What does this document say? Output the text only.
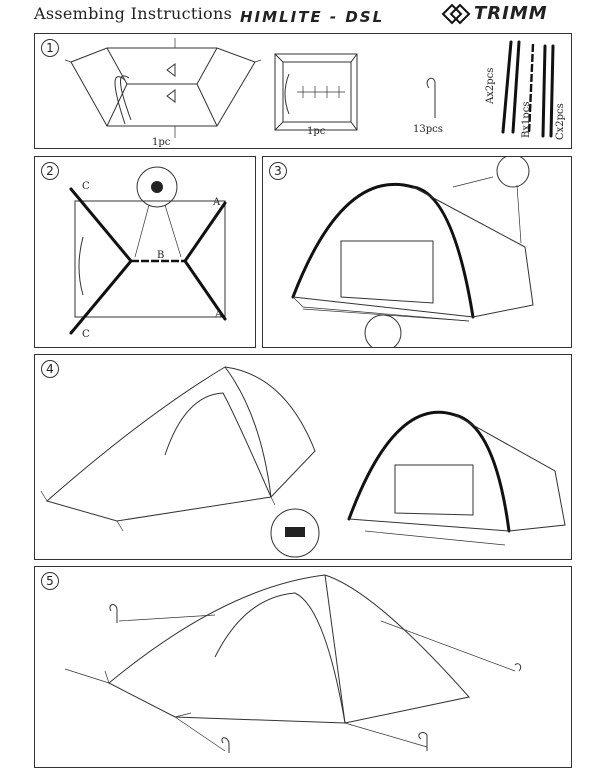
Assembing Instructions HIMLITE - DSL	TRIMM
1
1pc
1pc	13pcs
Ax2pcs
Bx1pcs Cx2pcs
2
C
A
B
C
A
3
4
5
